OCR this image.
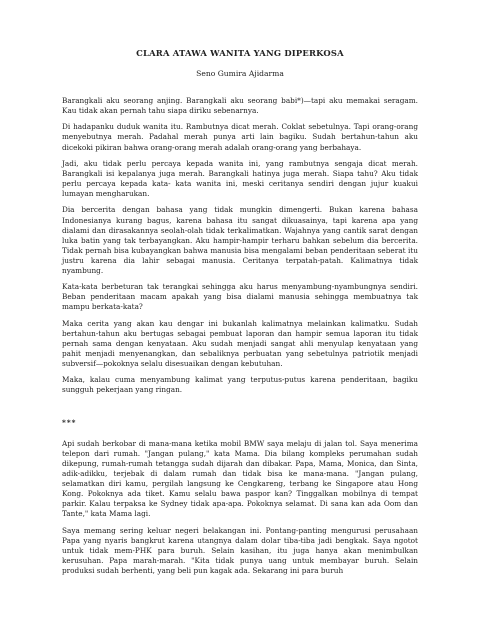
CLARA ATAWA WANITA YANG DIPERKOSA
Seno Gumira Ajidarma

Barangkali aku seorang anjing. Barangkali aku seorang babi*)—tapi aku memakai seragam. Kau tidak akan pernah tahu siapa diriku sebenarnya.

Di hadapanku duduk wanita itu. Rambutnya dicat merah. Coklat sebetulnya. Tapi orang-orang menyebutnya merah. Padahal merah punya arti lain bagiku. Sudah bertahun-tahun aku dicekoki pikiran bahwa orang-orang merah adalah orang-orang yang berbahaya.

Jadi, aku tidak perlu percaya kepada wanita ini, yang rambutnya sengaja dicat merah. Barangkali isi kepalanya juga merah. Barangkali hatinya juga merah. Siapa tahu? Aku tidak perlu percaya kepada kata- kata wanita ini, meski ceritanya sendiri dengan jujur kuakui lumayan mengharukan.

Dia bercerita dengan bahasa yang tidak mungkin dimengerti. Bukan karena bahasa Indonesianya kurang bagus, karena bahasa itu sangat dikuasainya, tapi karena apa yang dialami dan dirasakannya seolah-olah tidak terkalimatkan. Wajahnya yang cantik sarat dengan luka batin yang tak terbayangkan. Aku hampir-hampir terharu bahkan sebelum dia bercerita. Tidak pernah bisa kubayangkan bahwa manusia bisa mengalami beban penderitaan seberat itu justru karena dia lahir sebagai manusia. Ceritanya terpatah-patah. Kalimatnya tidak nyambung.

Kata-kata berbeturan tak terangkai sehingga aku harus menyambung-nyambungnya sendiri. Beban penderitaan macam apakah yang bisa dialami manusia sehingga membuatnya tak mampu berkata-kata?

Maka cerita yang akan kau dengar ini bukanlah kalimatnya melainkan kalimatku. Sudah bertahun-tahun aku bertugas sebagai pembuat laporan dan hampir semua laporan itu tidak pernah sama dengan kenyataan. Aku sudah menjadi sangat ahli menyulap kenyataan yang pahit menjadi menyenangkan, dan sebaliknya perbuatan yang sebetulnya patriotik menjadi subversif—pokoknya selalu disesuaikan dengan kebutuhan.

Maka, kalau cuma menyambung kalimat yang terputus-putus karena penderitaan, bagiku sungguh pekerjaan yang ringan.

***

Api sudah berkobar di mana-mana ketika mobil BMW saya melaju di jalan tol. Saya menerima telepon dari rumah. "Jangan pulang," kata Mama. Dia bilang kompleks perumahan sudah dikepung, rumah-rumah tetangga sudah dijarah dan dibakar. Papa, Mama, Monica, dan Sinta, adik-adikku, terjebak di dalam rumah dan tidak bisa ke mana-mana. "Jangan pulang, selamatkan diri kamu, pergilah langsung ke Cengkareng, terbang ke Singapore atau Hong Kong. Pokoknya ada tiket. Kamu selalu bawa paspor kan? Tinggalkan mobilnya di tempat parkir. Kalau terpaksa ke Sydney tidak apa-apa. Pokoknya selamat. Di sana kan ada Oom dan Tante," kata Mama lagi.

Saya memang sering keluar negeri belakangan ini. Pontang-panting mengurusi perusahaan Papa yang nyaris bangkrut karena utangnya dalam dolar tiba-tiba jadi bengkak. Saya ngotot untuk tidak mem-PHK para buruh. Selain kasihan, itu juga hanya akan menimbulkan kerusuhan. Papa marah-marah. "Kita tidak punya uang untuk membayar buruh. Selain produksi sudah berhenti, yang beli pun kagak ada. Sekarang ini para buruh
